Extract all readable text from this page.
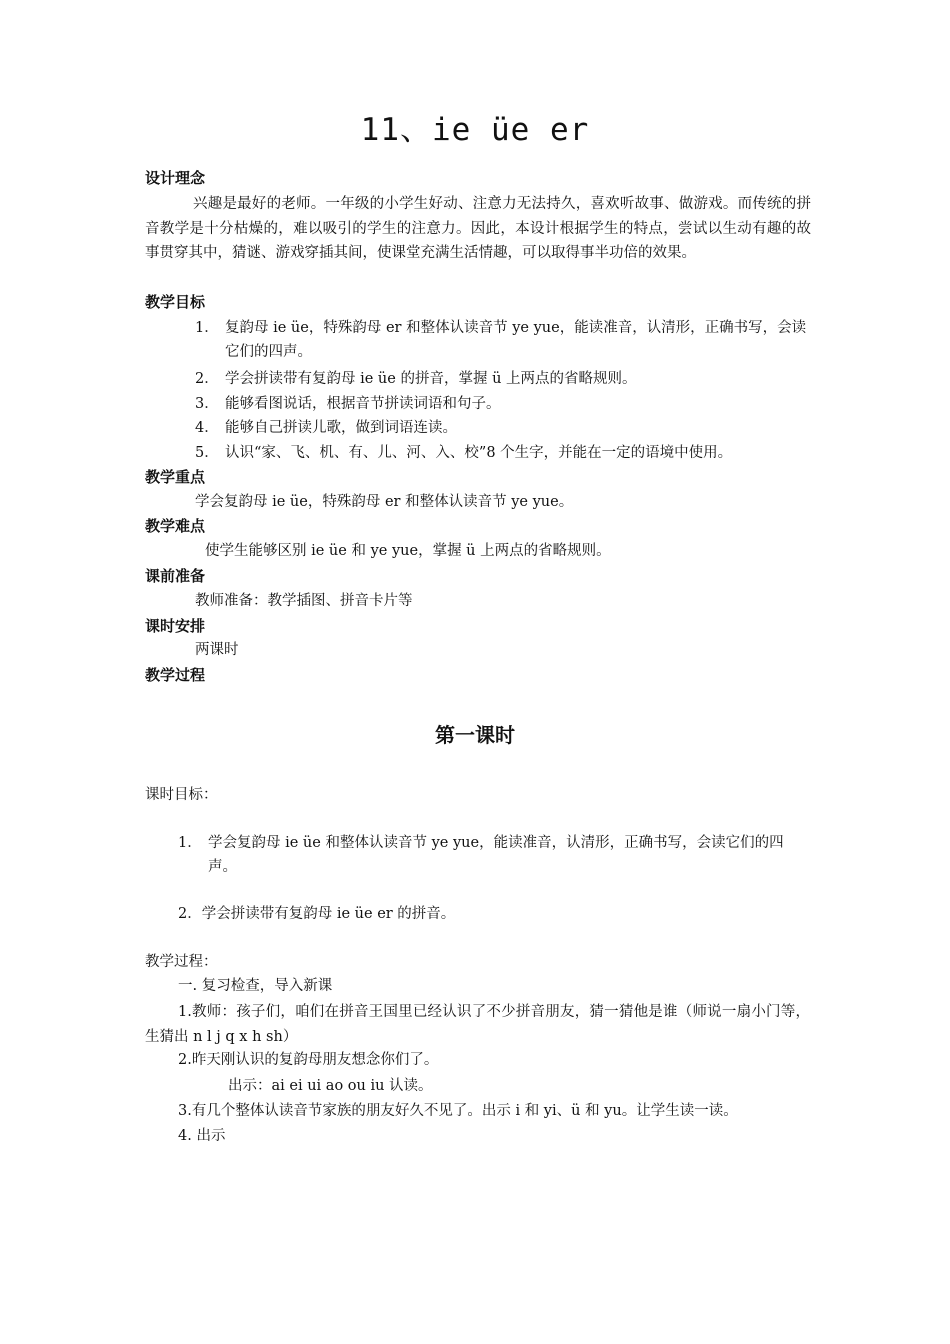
11、ie üe er
设计理念
兴趣是最好的老师。一年级的小学生好动、注意力无法持久，喜欢听故事、做游戏。而传统的拼音教学是十分枯燥的，难以吸引的学生的注意力。因此，本设计根据学生的特点，尝试以生动有趣的故事贯穿其中，猜谜、游戏穿插其间，使课堂充满生活情趣，可以取得事半功倍的效果。
教学目标
1． 复韵母 ie üe，特殊韵母 er 和整体认读音节 ye yue，能读准音，认清形，正确书写，会读它们的四声。
2． 学会拼读带有复韵母 ie üe 的拼音，掌握 ü 上两点的省略规则。
3． 能够看图说话，根据音节拼读词语和句子。
4． 能够自己拼读儿歌，做到词语连读。
5． 认识“家、飞、机、有、儿、河、入、校”8 个生字，并能在一定的语境中使用。
教学重点
学会复韵母 ie üe，特殊韵母 er 和整体认读音节 ye yue。
教学难点
使学生能够区别 ie üe 和 ye yue，掌握 ü 上两点的省略规则。
课前准备
教师准备：教学插图、拼音卡片等
课时安排
两课时
教学过程
第一课时
课时目标：
1． 学会复韵母 ie üe 和整体认读音节 ye yue，能读准音，认清形，正确书写，会读它们的四声。
2．学会拼读带有复韵母 ie üe er 的拼音。
教学过程：
一. 复习检查，导入新课
1.教师：孩子们，咱们在拼音王国里已经认识了不少拼音朋友，猜一猜他是谁（师说一扇小门等，生猜出 n l j q x h sh）
2.昨天刚认识的复韵母朋友想念你们了。
出示：ai ei ui ao ou iu 认读。
3.有几个整体认读音节家族的朋友好久不见了。出示 i 和 yi、ü 和 yu。让学生读一读。
4. 出示
